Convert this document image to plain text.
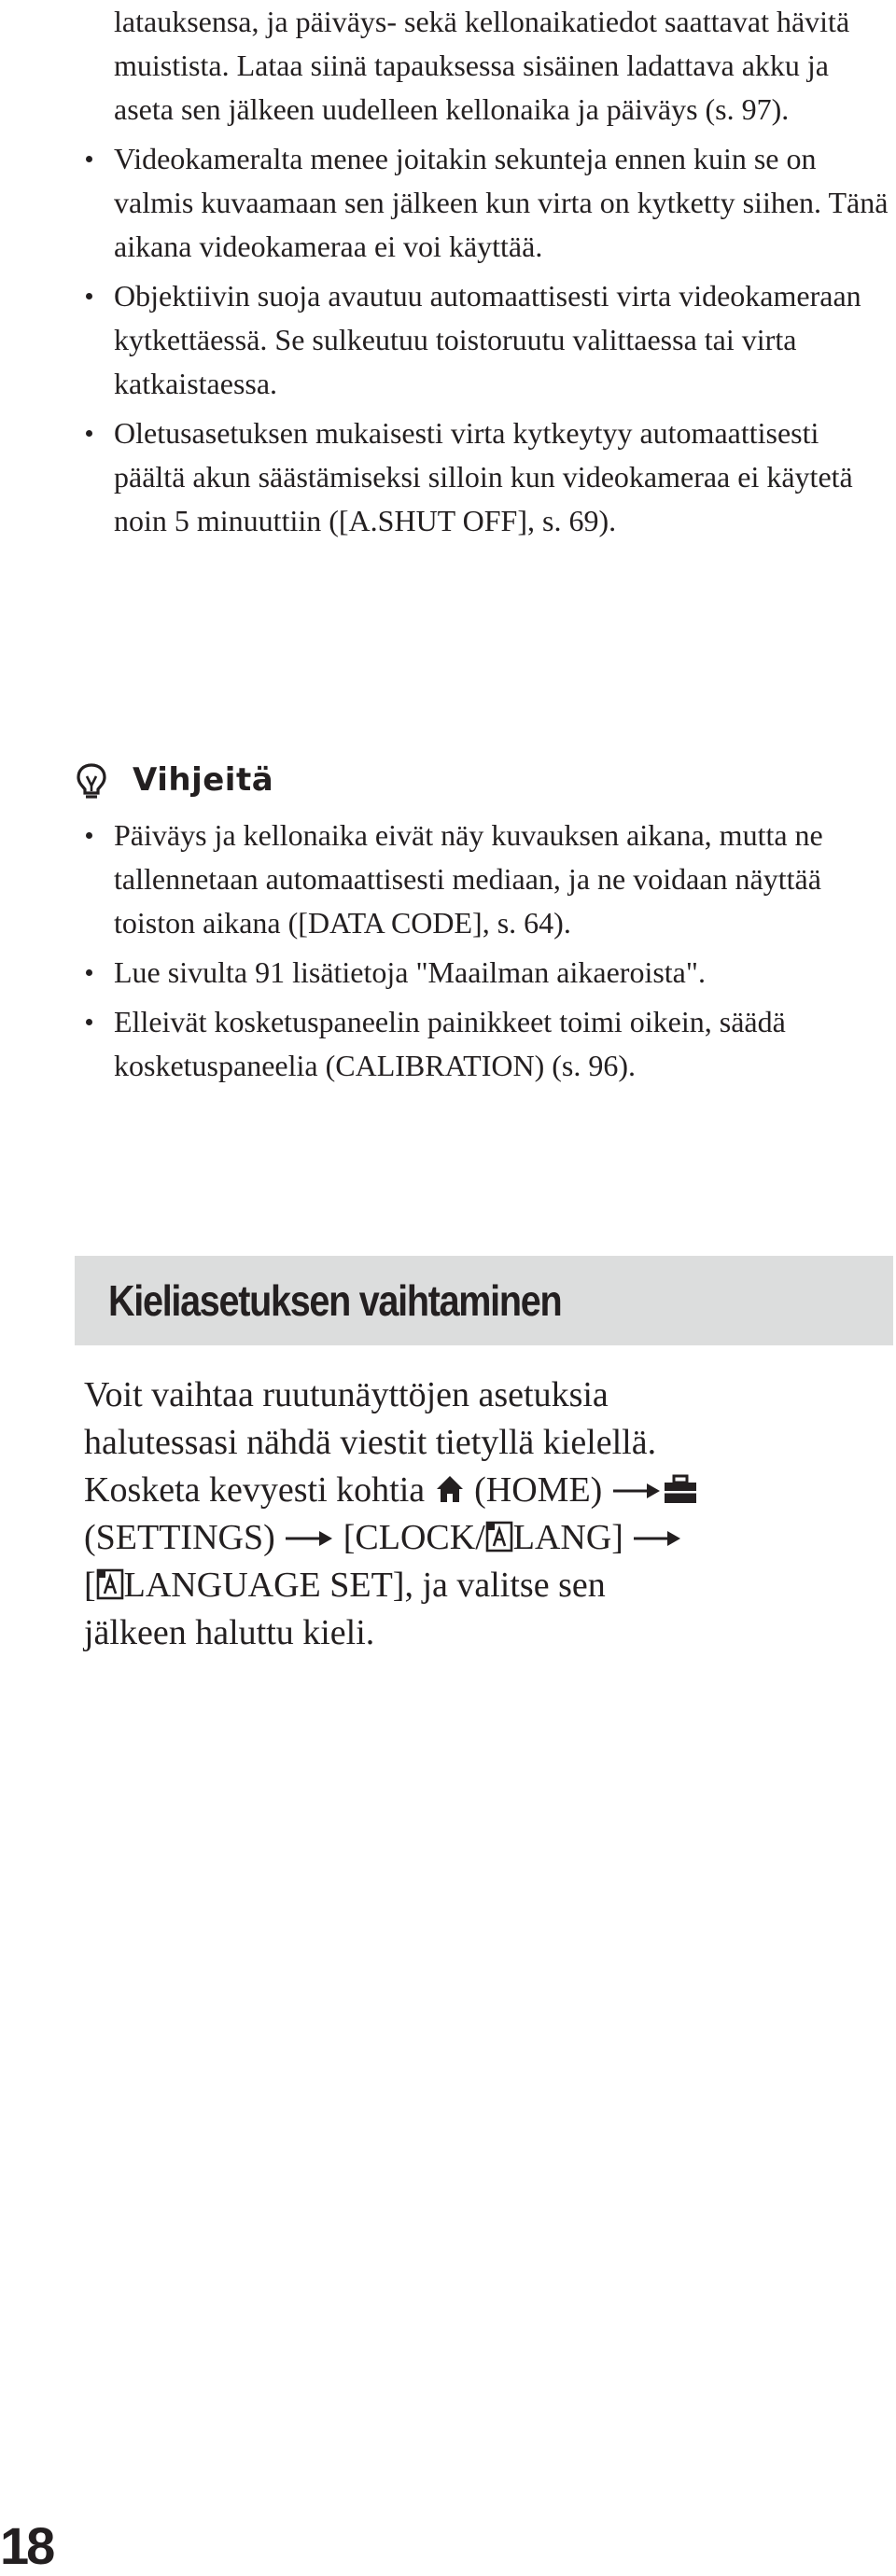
latauksensa, ja päiväys- sekä kellonaikatiedot saattavat hävitä muistista. Lataa siinä tapauksessa sisäinen ladattava akku ja aseta sen jälkeen uudelleen kellonaika ja päiväys (s. 97).
Videokameralta menee joitakin sekunteja ennen kuin se on valmis kuvaamaan sen jälkeen kun virta on kytketty siihen. Tänä aikana videokameraa ei voi käyttää.
Objektiivin suoja avautuu automaattisesti virta videokameraan kytkettäessä. Se sulkeutuu toistoruutu valittaessa tai virta katkaistaessa.
Oletusasetuksen mukaisesti virta kytkeytyy automaattisesti päältä akun säästämiseksi silloin kun videokameraa ei käytetä noin 5 minuuttiin ([A.SHUT OFF], s. 69).
Vihjeitä
Päiväys ja kellonaika eivät näy kuvauksen aikana, mutta ne tallennetaan automaattisesti mediaan, ja ne voidaan näyttää toiston aikana ([DATA CODE], s. 64).
Lue sivulta 91 lisätietoja "Maailman aikaeroista".
Elleivät kosketuspaneelin painikkeet toimi oikein, säädä kosketuspaneelia (CALIBRATION) (s. 96).
Kieliasetuksen vaihtaminen
Voit vaihtaa ruutunäyttöjen asetuksia
halutessasi nähdä viestit tietyllä kielellä.
Kosketa kevyesti kohtia  (HOME)
(SETTINGS)  [CLOCK/ LANG]
[ LANGUAGE SET], ja valitse sen
jälkeen haluttu kieli.
18
